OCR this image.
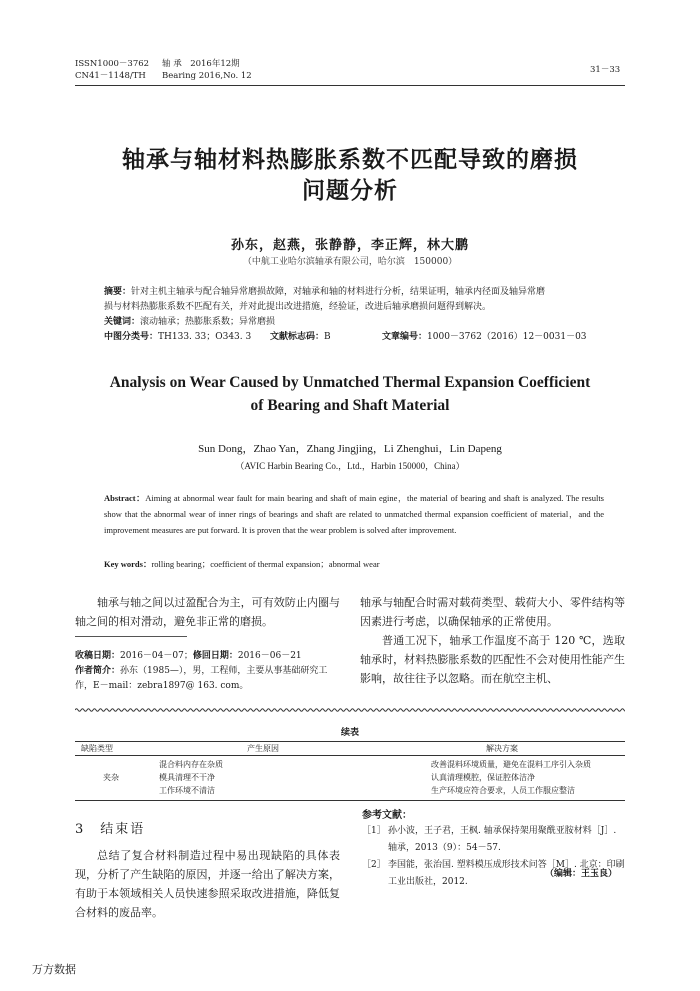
ISSN1000－3762
CN41－1148/TH
轴 承　2016年12期
Bearing 2016,No. 12
31－33
轴承与轴材料热膨胀系数不匹配导致的磨损
问题分析
孙东，赵燕，张静静，李正辉，林大鹏
（中航工业哈尔滨轴承有限公司，哈尔滨　150000）
摘要：针对主机主轴承与配合轴异常磨损故障，对轴承和轴的材料进行分析，结果证明，轴承内径面及轴异常磨
损与材料热膨胀系数不匹配有关，并对此提出改进措施，经验证，改进后轴承磨损问题得到解决。
关键词：滚动轴承；热膨胀系数；异常磨损
中图分类号：TH133. 33；O343. 3 文献标志码：B	文章编号：1000－3762（2016）12－0031－03
Analysis on Wear Caused by Unmatched Thermal Expansion Coefficient
of Bearing and Shaft Material
Sun Dong，Zhao Yan，Zhang Jingjing，Li Zhenghui，Lin Dapeng
（AVIC Harbin Bearing Co.，Ltd.，Harbin 150000，China）
Abstract：Aiming at abnormal wear fault for main bearing and shaft of main egine，the material of bearing and shaft is analyzed. The results show that the abnormal wear of inner rings of bearings and shaft are related to unmatched thermal expansion coefficient of material，and the improvement measures are put forward. It is proven that the wear problem is solved after improvement.
Key words：rolling bearing；coefficient of thermal expansion；abnormal wear
轴承与轴之间以过盈配合为主，可有效防止内圈与轴之间的相对滑动，避免非正常的磨损。
收稿日期：2016－04－07；修回日期：2016－06－21
作者简介：孙东（1985—），男，工程师，主要从事基础研究工作，E－mail：zebra1897@ 163. com。
轴承与轴配合时需对载荷类型、载荷大小、零件结构等因素进行考虑，以确保轴承的正常使用。
普通工况下，轴承工作温度不高于 120 ℃，选取轴承时，材料热膨胀系数的匹配性不会对使用性能产生影响，故往往予以忽略。而在航空主机、
续表
缺陷类型	产生原因	解决方案
	混合料内存在杂质	改善混料环境质量，避免在混料工序引入杂质
夹杂	模具清理不干净	认真清理模腔，保证腔体洁净
	工作环境不清洁	生产环境应符合要求，人员工作服应整洁
3　结束语
总结了复合材料制造过程中易出现缺陷的具体表现，分析了产生缺陷的原因，并逐一给出了解决方案，有助于本领域相关人员快速参照采取改进措施，降低复合材料的废品率。
参考文献：
［1］ 孙小波，王子君，王枫. 轴承保持架用聚酰亚胺材料［J］. 轴承，2013（9）：54－57.
［2］ 李国能，张治国. 塑料模压成形技术问答［M］. 北京：印刷工业出版社，2012.
（编辑：王玉良）
万方数据
